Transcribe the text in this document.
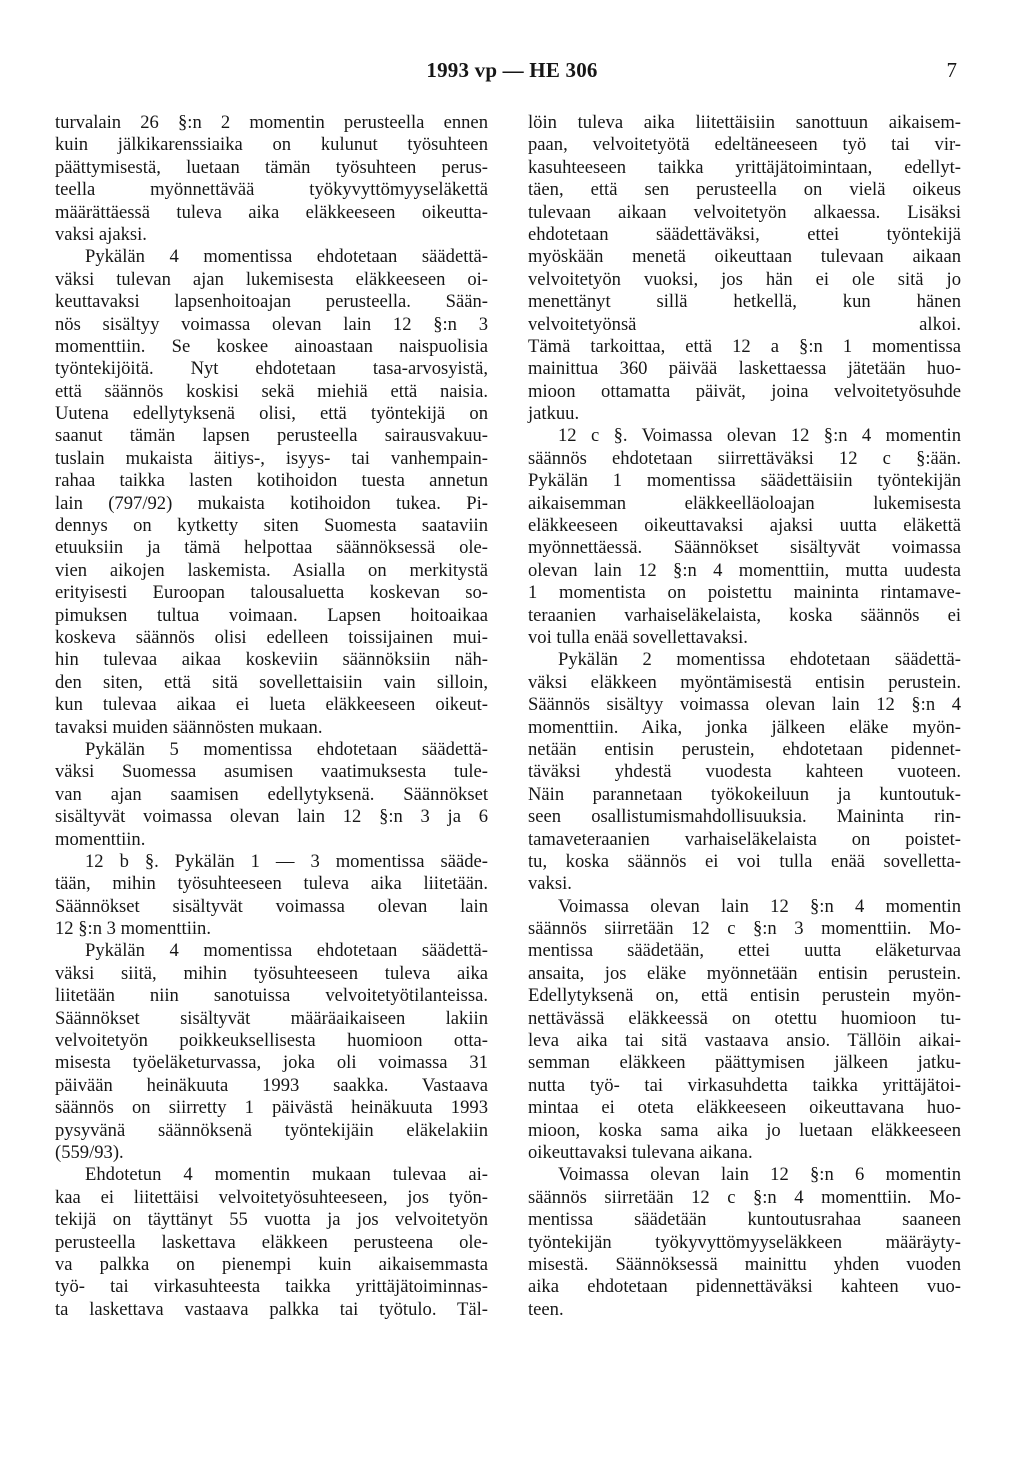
1993 vp — HE 306	7
turvalain 26 §:n 2 momentin perusteella ennen
kuin jälkikarenssiaika on kulunut työsuhteen
päättymisestä, luetaan tämän työsuhteen perus-
teella myönnettävää työkyvyttömyyseläkettä
määrättäessä tuleva aika eläkkeeseen oikeutta-
vaksi ajaksi.
Pykälän 4 momentissa ehdotetaan säädettä-
väksi tulevan ajan lukemisesta eläkkeeseen oi-
keuttavaksi lapsenhoitoajan perusteella. Sään-
nös sisältyy voimassa olevan lain 12 §:n 3
momenttiin. Se koskee ainoastaan naispuolisia
työntekijöitä. Nyt ehdotetaan tasa-arvosyistä,
että säännös koskisi sekä miehiä että naisia.
Uutena edellytyksenä olisi, että työntekijä on
saanut tämän lapsen perusteella sairausvakuu-
tuslain mukaista äitiys-, isyys- tai vanhempain-
rahaa taikka lasten kotihoidon tuesta annetun
lain (797/92) mukaista kotihoidon tukea. Pi-
dennys on kytketty siten Suomesta saataviin
etuuksiin ja tämä helpottaa säännöksessä ole-
vien aikojen laskemista. Asialla on merkitystä
erityisesti Euroopan talousaluetta koskevan so-
pimuksen tultua voimaan. Lapsen hoitoaikaa
koskeva säännös olisi edelleen toissijainen mui-
hin tulevaa aikaa koskeviin säännöksiin näh-
den siten, että sitä sovellettaisiin vain silloin,
kun tulevaa aikaa ei lueta eläkkeeseen oikeut-
tavaksi muiden säännösten mukaan.
Pykälän 5 momentissa ehdotetaan säädettä-
väksi Suomessa asumisen vaatimuksesta tule-
van ajan saamisen edellytyksenä. Säännökset
sisältyvät voimassa olevan lain 12 §:n 3 ja 6
momenttiin.
12 b §. Pykälän 1 — 3 momentissa sääde-
tään, mihin työsuhteeseen tuleva aika liitetään.
Säännökset sisältyvät voimassa olevan lain
12 §:n 3 momenttiin.
Pykälän 4 momentissa ehdotetaan säädettä-
väksi siitä, mihin työsuhteeseen tuleva aika
liitetään niin sanotuissa velvoitetyötilanteissa.
Säännökset sisältyvät määräaikaiseen lakiin
velvoitetyön poikkeuksellisesta huomioon otta-
misesta työeläketurvassa, joka oli voimassa 31
päivään heinäkuuta 1993 saakka. Vastaava
säännös on siirretty 1 päivästä heinäkuuta 1993
pysyvänä säännöksenä työntekijäin eläkelakiin
(559/93).
Ehdotetun 4 momentin mukaan tulevaa ai-
kaa ei liitettäisi velvoitetyösuhteeseen, jos työn-
tekijä on täyttänyt 55 vuotta ja jos velvoitetyön
perusteella laskettava eläkkeen perusteena ole-
va palkka on pienempi kuin aikaisemmasta
työ- tai virkasuhteesta taikka yrittäjätoiminnas-
ta laskettava vastaava palkka tai työtulo. Täl-
löin tuleva aika liitettäisiin sanottuun aikaisem-
paan, velvoitetyötä edeltäneeseen työ tai vir-
kasuhteeseen taikka yrittäjätoimintaan, edellyt-
täen, että sen perusteella on vielä oikeus
tulevaan aikaan velvoitetyön alkaessa. Lisäksi
ehdotetaan säädettäväksi, ettei työntekijä
myöskään menetä oikeuttaan tulevaan aikaan
velvoitetyön vuoksi, jos hän ei ole sitä jo
menettänyt sillä hetkellä, kun hänen
velvoitetyönsä alkoi.
Tämä tarkoittaa, että 12 a §:n 1 momentissa
mainittua 360 päivää laskettaessa jätetään huo-
mioon ottamatta päivät, joina velvoitetyösuhde
jatkuu.
12 c §. Voimassa olevan 12 §:n 4 momentin
säännös ehdotetaan siirrettäväksi 12 c §:ään.
Pykälän 1 momentissa säädettäisiin työntekijän
aikaisemman eläkkeelläoloajan lukemisesta
eläkkeeseen oikeuttavaksi ajaksi uutta eläkettä
myönnettäessä. Säännökset sisältyvät voimassa
olevan lain 12 §:n 4 momenttiin, mutta uudesta
1 momentista on poistettu maininta rintamave-
teraanien varhaiseläkelaista, koska säännös ei
voi tulla enää sovellettavaksi.
Pykälän 2 momentissa ehdotetaan säädettä-
väksi eläkkeen myöntämisestä entisin perustein.
Säännös sisältyy voimassa olevan lain 12 §:n 4
momenttiin. Aika, jonka jälkeen eläke myön-
netään entisin perustein, ehdotetaan pidennet-
täväksi yhdestä vuodesta kahteen vuoteen.
Näin parannetaan työkokeiluun ja kuntoutuk-
seen osallistumismahdollisuuksia. Maininta rin-
tamaveteraanien varhaiseläkelaista on poistet-
tu, koska säännös ei voi tulla enää sovelletta-
vaksi.
Voimassa olevan lain 12 §:n 4 momentin
säännös siirretään 12 c §:n 3 momenttiin. Mo-
mentissa säädetään, ettei uutta eläketurvaa
ansaita, jos eläke myönnetään entisin perustein.
Edellytyksenä on, että entisin perustein myön-
nettävässä eläkkeessä on otettu huomioon tu-
leva aika tai sitä vastaava ansio. Tällöin aikai-
semman eläkkeen päättymisen jälkeen jatku-
nutta työ- tai virkasuhdetta taikka yrittäjätoi-
mintaa ei oteta eläkkeeseen oikeuttavana huo-
mioon, koska sama aika jo luetaan eläkkeeseen
oikeuttavaksi tulevana aikana.
Voimassa olevan lain 12 §:n 6 momentin
säännös siirretään 12 c §:n 4 momenttiin. Mo-
mentissa säädetään kuntoutusrahaa saaneen
työntekijän työkyvyttömyyseläkkeen määräyty-
misestä. Säännöksessä mainittu yhden vuoden
aika ehdotetaan pidennettäväksi kahteen vuo-
teen.
